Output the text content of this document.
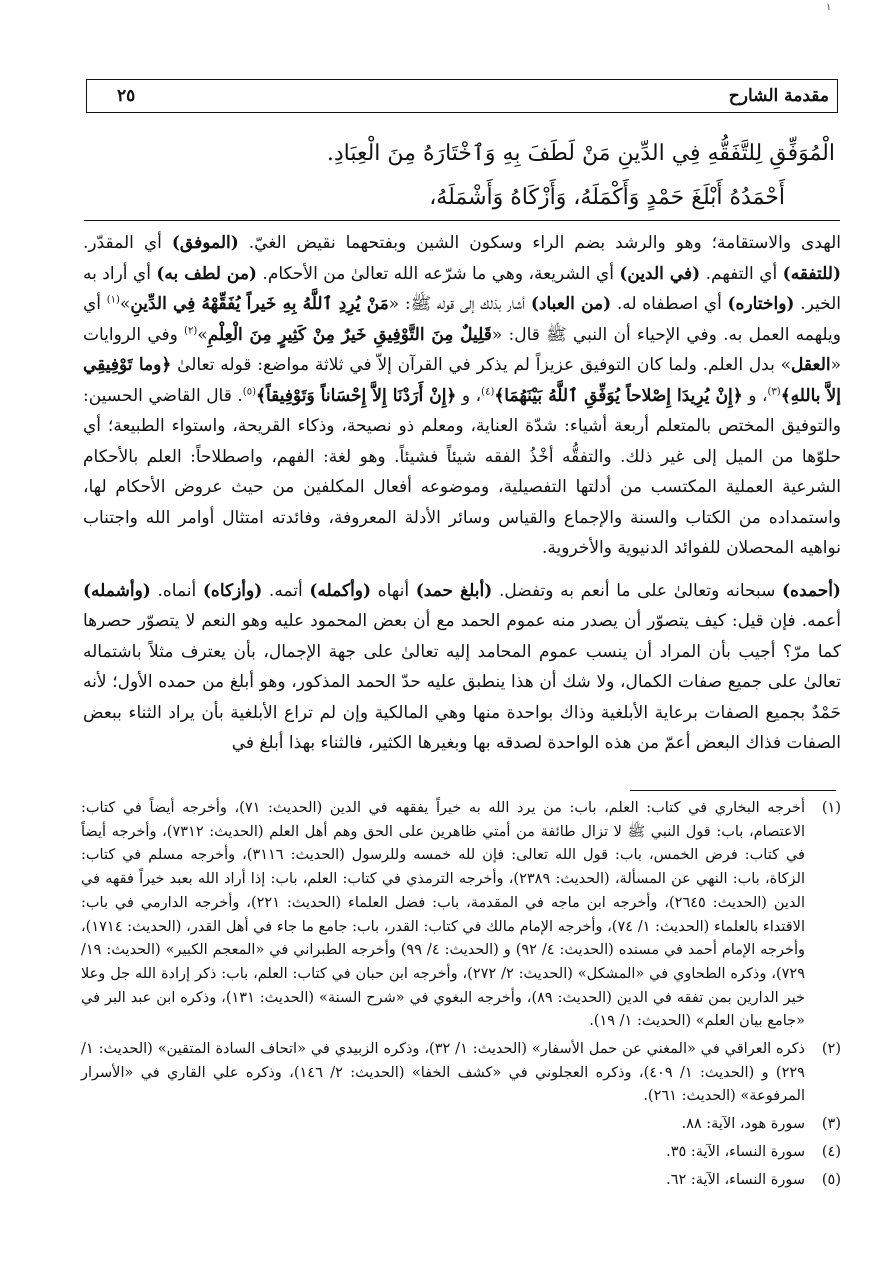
١
مقدمة الشارح
٢٥
الْمُوَفِّقِ لِلتَّفَقُّهِ فِي الدِّينِ مَنْ لَطَفَ بِهِ وَٱخْتَارَهُ مِنَ الْعِبَادِ.
أَحْمَدُهُ أَبْلَغَ حَمْدٍ وَأَكْمَلَهُ، وَأَزْكَاهُ وَأَشْمَلَهُ،

الهدى والاستقامة؛ وهو والرشد بضم الراء وسكون الشين وبفتحهما نقيض الغيّ. (الموفق) أي المقدّر. (للتفقه) أي التفهم. (في الدين) أي الشريعة، وهي ما شرّعه الله تعالىٰ من الأحكام. (من لطف به) أي أراد به الخير. (واختاره) أي اصطفاه له. (من العباد) أشار بذلك إلى قوله ﷺ: «مَنْ يُرِدِ ٱللَّهُ بِهِ خَيراً يُفَقِّهْهُ فِي الدِّينِ»$^{(١)}$ أي ويلهمه العمل به. وفي الإحياء أن النبي ﷺ قال: «قَلِيلٌ مِنَ التَّوْفِيقِ خَيرٌ مِنْ كَثِيرٍ مِنَ الْعِلْمِ»$^{(٢)}$ وفي الروايات «العقل» بدل العلم. ولما كان التوفيق عزيزاً لم يذكر في القرآن إلاّ في ثلاثة مواضع: قوله تعالىٰ ﴿وما تَوْفِيقِي إلاَّ باللهِ﴾$^{(٣)}$، و ﴿إِنْ يُرِيدَا إِصْلاحاً يُوَفِّقِ ٱللَّهُ بَيْنَهُمَا﴾$^{(٤)}$، و ﴿إِنْ أَرَدْنَا إِلاَّ إِحْسَاناً وَتَوْفِيقاً﴾$^{(٥)}$. قال القاضي الحسين: والتوفيق المختص بالمتعلم أربعة أشياء: شدّة العناية، ومعلم ذو نصيحة، وذكاء القريحة، واستواء الطبيعة؛ أي حلوّها من الميل إلى غير ذلك. والتفقُّه أخْذُ الفقه شيئاً فشيئاً. وهو لغة: الفهم، واصطلاحاً: العلم بالأحكام الشرعية العملية المكتسب من أدلتها التفصيلية، وموضوعه أفعال المكلفين من حيث عروض الأحكام لها، واستمداده من الكتاب والسنة والإجماع والقياس وسائر الأدلة المعروفة، وفائدته امتثال أوامر الله واجتناب نواهيه المحصلان للفوائد الدنيوية والأخروية.

(أحمده) سبحانه وتعالىٰ على ما أنعم به وتفضل. (أبلغ حمد) أنهاه (وأكمله) أتمه. (وأزكاه) أنماه. (وأشمله) أعمه. فإن قيل: كيف يتصوّر أن يصدر منه عموم الحمد مع أن بعض المحمود عليه وهو النعم لا يتصوّر حصرها كما مرّ؟ أجيب بأن المراد أن ينسب عموم المحامد إليه تعالىٰ على جهة الإجمال، بأن يعترف مثلاً باشتماله تعالىٰ على جميع صفات الكمال، ولا شك أن هذا ينطبق عليه حدّ الحمد المذكور، وهو أبلغ من حمده الأول؛ لأنه حَمْدٌ بجميع الصفات برعاية الأبلغية وذاك بواحدة منها وهي المالكية وإن لم تراع الأبلغية بأن يراد الثناء ببعض الصفات فذاك البعض أعمّ من هذه الواحدة لصدقه بها وبغيرها الكثير، فالثناء بهذا أبلغ في

(١)
أخرجه البخاري في كتاب: العلم، باب: من يرد الله به خيراً يفقهه في الدين (الحديث: ٧١)، وأخرجه أيضاً في كتاب: الاعتصام، باب: قول النبي ﷺ لا تزال طائفة من أمتي ظاهرين على الحق وهم أهل العلم (الحديث: ٧٣١٢)، وأخرجه أيضاً في كتاب: فرض الخمس، باب: قول الله تعالى: فإن لله خمسه وللرسول (الحديث: ٣١١٦)، وأخرجه مسلم في كتاب: الزكاة، باب: النهي عن المسألة، (الحديث: ٢٣٨٩)، وأخرجه الترمذي في كتاب: العلم، باب: إذا أراد الله بعبد خيراً فقهه في الدين (الحديث: ٢٦٤٥)، وأخرجه ابن ماجه في المقدمة، باب: فضل العلماء (الحديث: ٢٢١)، وأخرجه الدارمي في باب: الاقتداء بالعلماء (الحديث: ١/ ٧٤)، وأخرجه الإمام مالك في كتاب: القدر، باب: جامع ما جاء في أهل القدر، (الحديث: ١٧١٤)، وأخرجه الإمام أحمد في مسنده (الحديث: ٤/ ٩٢) و (الحديث: ٤/ ٩٩) وأخرجه الطبراني في «المعجم الكبير» (الحديث: ١٩/ ٧٢٩)، وذكره الطحاوي في «المشكل» (الحديث: ٢/ ٢٧٢)، وأخرجه ابن حبان في كتاب: العلم، باب: ذكر إرادة الله جل وعلا خير الدارين بمن تفقه في الدين (الحديث: ٨٩)، وأخرجه البغوي في «شرح السنة» (الحديث: ١٣١)، وذكره ابن عبد البر في «جامع بيان العلم» (الحديث: ١/ ١٩).
(٢)
ذكره العراقي في «المغني عن حمل الأسفار» (الحديث: ١/ ٣٢)، وذكره الزبيدي في «اتحاف السادة المتقين» (الحديث: ١/ ٢٢٩) و (الحديث: ١/ ٤٠٩)، وذكره العجلوني في «كشف الخفا» (الحديث: ٢/ ١٤٦)، وذكره علي القاري في «الأسرار المرفوعة» (الحديث: ٢٦١).
(٣)
سورة هود، الآية: ٨٨.
(٤)
سورة النساء، الآية: ٣٥.
(٥)
سورة النساء، الآية: ٦٢.
